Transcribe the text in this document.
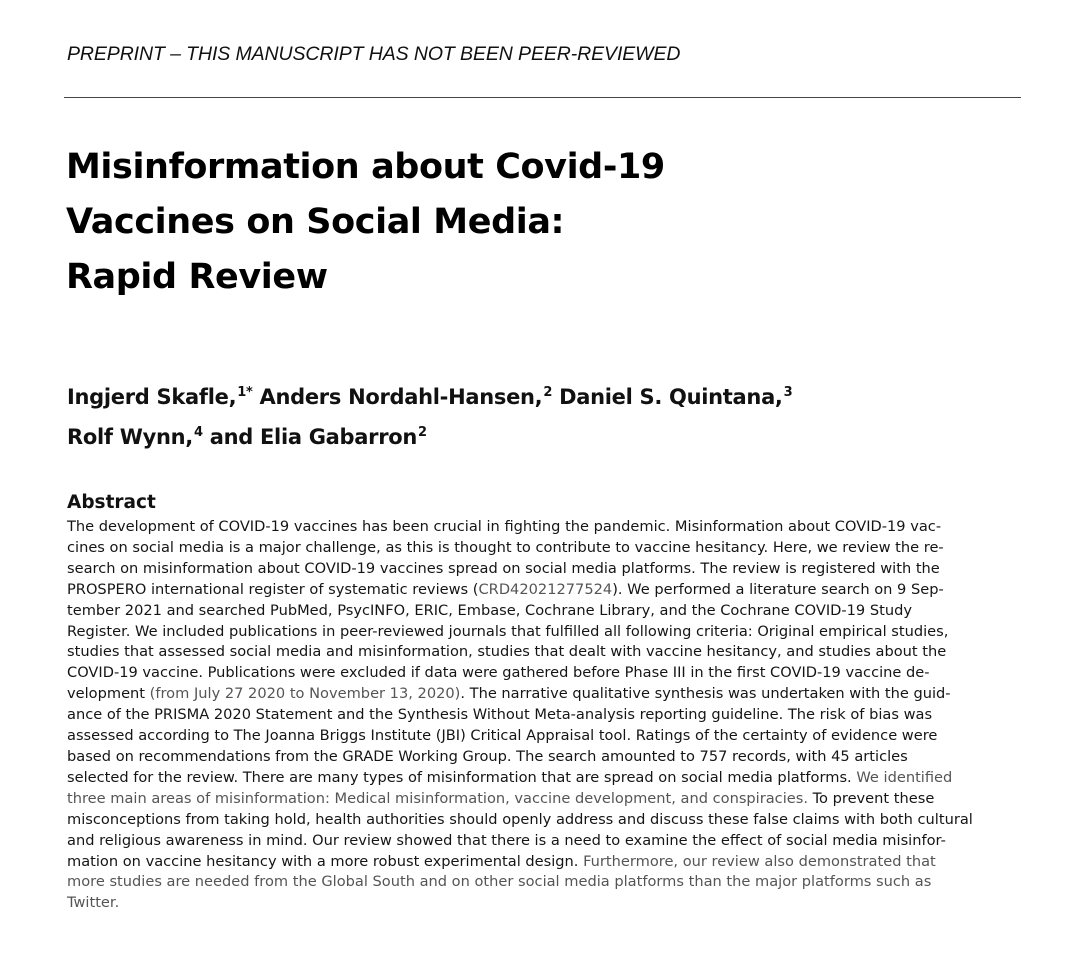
PREPRINT – THIS MANUSCRIPT HAS NOT BEEN PEER-REVIEWED
Misinformation about Covid-19
Vaccines on Social Media:
Rapid Review
Ingjerd Skafle,$^{1*}$ Anders Nordahl-Hansen,$^2$ Daniel S. Quintana,$^3$
Rolf Wynn,$^4$ and Elia Gabarron$^2$
Abstract
The development of COVID-19 vaccines has been crucial in fighting the pandemic. Misinformation about COVID-19 vac-
cines on social media is a major challenge, as this is thought to contribute to vaccine hesitancy. Here, we review the re-
search on misinformation about COVID-19 vaccines spread on social media platforms. The review is registered with the
PROSPERO international register of systematic reviews (CRD42021277524). We performed a literature search on 9 Sep-
tember 2021 and searched PubMed, PsycINFO, ERIC, Embase, Cochrane Library, and the Cochrane COVID-19 Study
Register. We included publications in peer-reviewed journals that fulfilled all following criteria: Original empirical studies,
studies that assessed social media and misinformation, studies that dealt with vaccine hesitancy, and studies about the
COVID-19 vaccine. Publications were excluded if data were gathered before Phase III in the first COVID-19 vaccine de-
velopment (from July 27 2020 to November 13, 2020). The narrative qualitative synthesis was undertaken with the guid-
ance of the PRISMA 2020 Statement and the Synthesis Without Meta-analysis reporting guideline. The risk of bias was
assessed according to The Joanna Briggs Institute (JBI) Critical Appraisal tool. Ratings of the certainty of evidence were
based on recommendations from the GRADE Working Group. The search amounted to 757 records, with 45 articles
selected for the review. There are many types of misinformation that are spread on social media platforms. We identified
three main areas of misinformation: Medical misinformation, vaccine development, and conspiracies. To prevent these
misconceptions from taking hold, health authorities should openly address and discuss these false claims with both cultural
and religious awareness in mind. Our review showed that there is a need to examine the effect of social media misinfor-
mation on vaccine hesitancy with a more robust experimental design. Furthermore, our review also demonstrated that
more studies are needed from the Global South and on other social media platforms than the major platforms such as
Twitter.
